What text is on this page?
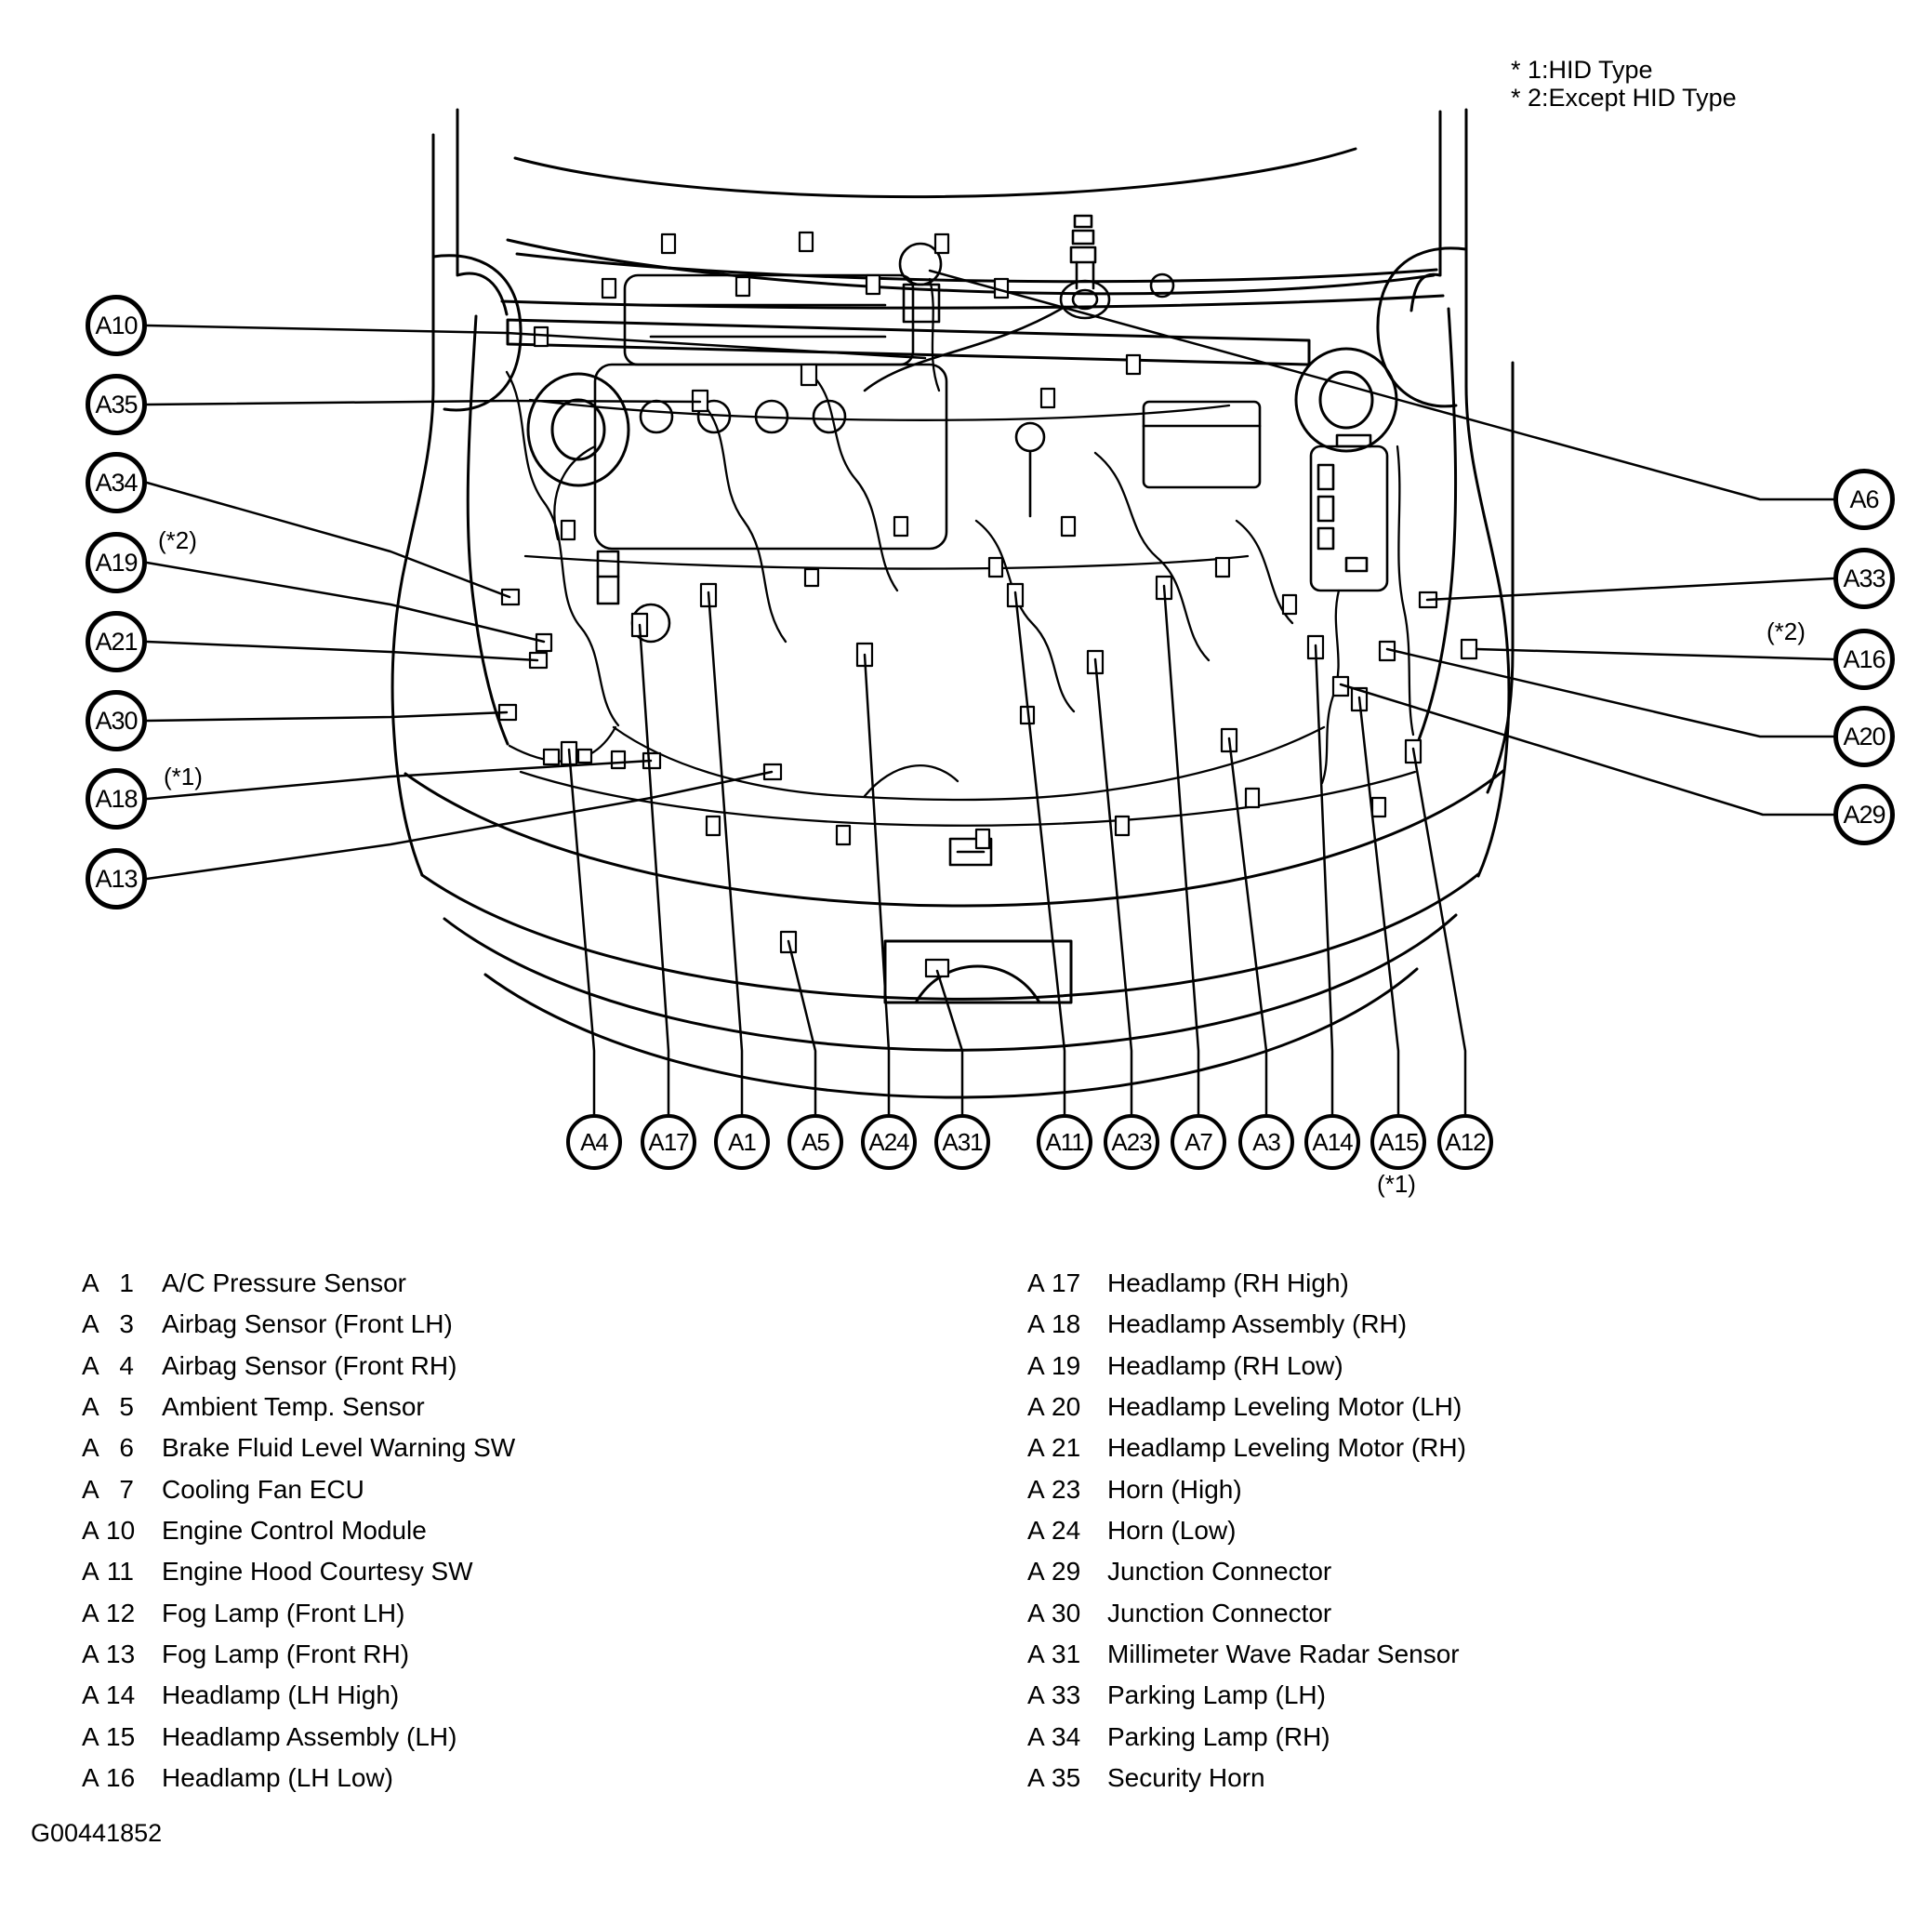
* 1:HID Type
* 2:Except HID Type
A10
A35
A34
A19
A21
A30
A18
A13
(*2)
(*1)
A6
A33
A16
A20
A29
(*2)
A4	A17	A1	A5	A24	A31	A11	A23	A7	A3	A14	A15	A12
(*1)
A 1 A/C Pressure Sensor
A 3 Airbag Sensor (Front LH)
A 4 Airbag Sensor (Front RH)
A 5 Ambient Temp. Sensor
A 6 Brake Fluid Level Warning SW
A 7 Cooling Fan ECU
A 10 Engine Control Module
A 11 Engine Hood Courtesy SW
A 12 Fog Lamp (Front LH)
A 13 Fog Lamp (Front RH)
A 14 Headlamp (LH High)
A 15 Headlamp Assembly (LH)
A 16 Headlamp (LH Low)
A 17 Headlamp (RH High)
A 18 Headlamp Assembly (RH)
A 19 Headlamp (RH Low)
A 20 Headlamp Leveling Motor (LH)
A 21 Headlamp Leveling Motor (RH)
A 23 Horn (High)
A 24 Horn (Low)
A 29 Junction Connector
A 30 Junction Connector
A 31 Millimeter Wave Radar Sensor
A 33 Parking Lamp (LH)
A 34 Parking Lamp (RH)
A 35 Security Horn
G00441852
